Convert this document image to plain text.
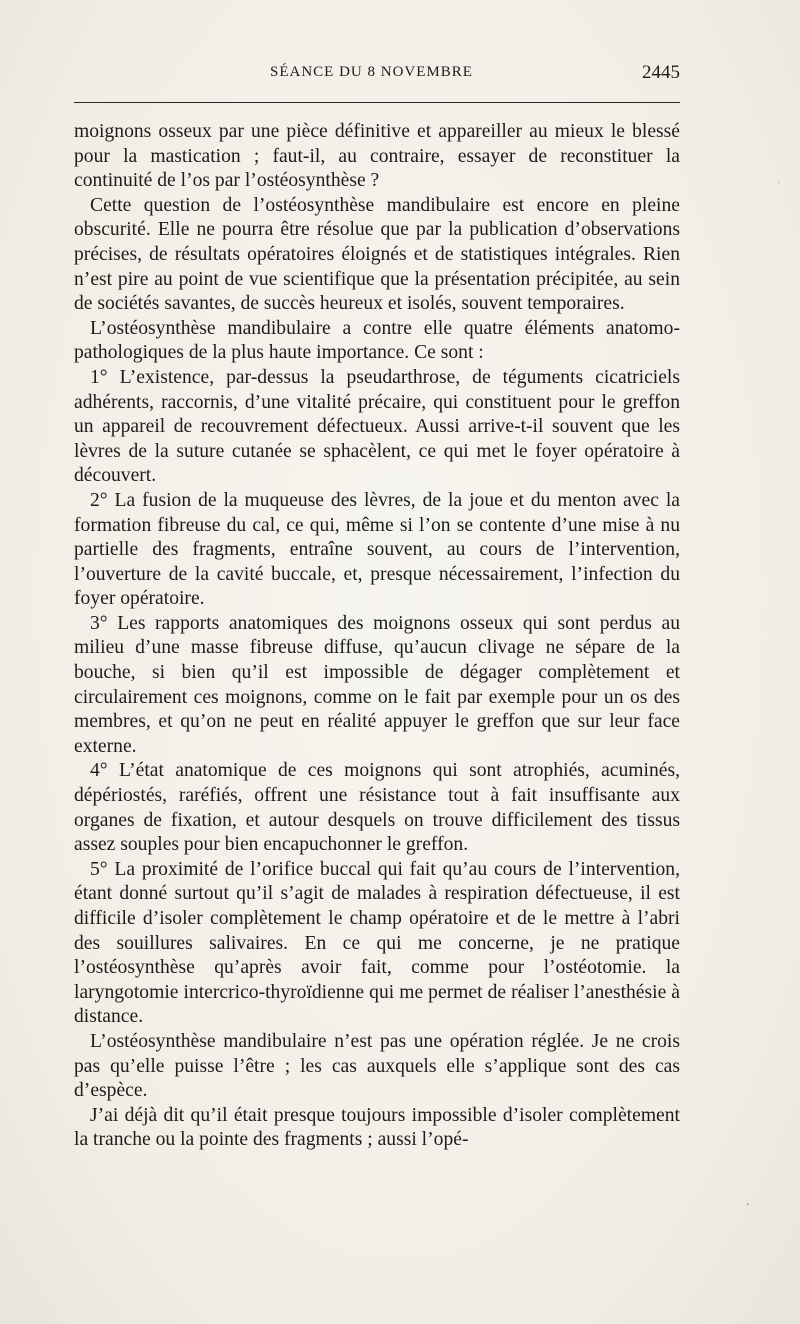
SÉANCE DU 8 NOVEMBRE	2445

moignons osseux par une pièce définitive et appareiller au mieux le blessé pour la mastication ; faut-il, au contraire, essayer de reconstituer la continuité de l’os par l’ostéosynthèse ?

Cette question de l’ostéosynthèse mandibulaire est encore en pleine obscurité. Elle ne pourra être résolue que par la publication d’observations précises, de résultats opératoires éloignés et de statistiques intégrales. Rien n’est pire au point de vue scientifique que la présentation précipitée, au sein de sociétés savantes, de succès heureux et isolés, souvent temporaires.

L’ostéosynthèse mandibulaire a contre elle quatre éléments anatomo-pathologiques de la plus haute importance. Ce sont :

1° L’existence, par-dessus la pseudarthrose, de téguments cicatriciels adhérents, raccornis, d’une vitalité précaire, qui constituent pour le greffon un appareil de recouvrement défectueux. Aussi arrive-t-il souvent que les lèvres de la suture cutanée se sphacèlent, ce qui met le foyer opératoire à découvert.

2° La fusion de la muqueuse des lèvres, de la joue et du menton avec la formation fibreuse du cal, ce qui, même si l’on se contente d’une mise à nu partielle des fragments, entraîne souvent, au cours de l’intervention, l’ouverture de la cavité buccale, et, presque nécessairement, l’infection du foyer opératoire.

3° Les rapports anatomiques des moignons osseux qui sont perdus au milieu d’une masse fibreuse diffuse, qu’aucun clivage ne sépare de la bouche, si bien qu’il est impossible de dégager complètement et circulairement ces moignons, comme on le fait par exemple pour un os des membres, et qu’on ne peut en réalité appuyer le greffon que sur leur face externe.

4° L’état anatomique de ces moignons qui sont atrophiés, acuminés, dépériostés, raréfiés, offrent une résistance tout à fait insuffisante aux organes de fixation, et autour desquels on trouve difficilement des tissus assez souples pour bien encapuchonner le greffon.

5° La proximité de l’orifice buccal qui fait qu’au cours de l’intervention, étant donné surtout qu’il s’agit de malades à respiration défectueuse, il est difficile d’isoler complètement le champ opératoire et de le mettre à l’abri des souillures salivaires. En ce qui me concerne, je ne pratique l’ostéosynthèse qu’après avoir fait, comme pour l’ostéotomie. la laryngotomie intercrico-thyroïdienne qui me permet de réaliser l’anesthésie à distance.

L’ostéosynthèse mandibulaire n’est pas une opération réglée. Je ne crois pas qu’elle puisse l’être ; les cas auxquels elle s’applique sont des cas d’espèce.

J’ai déjà dit qu’il était presque toujours impossible d’isoler complètement la tranche ou la pointe des fragments ; aussi l’opé-

ᶜ
•
